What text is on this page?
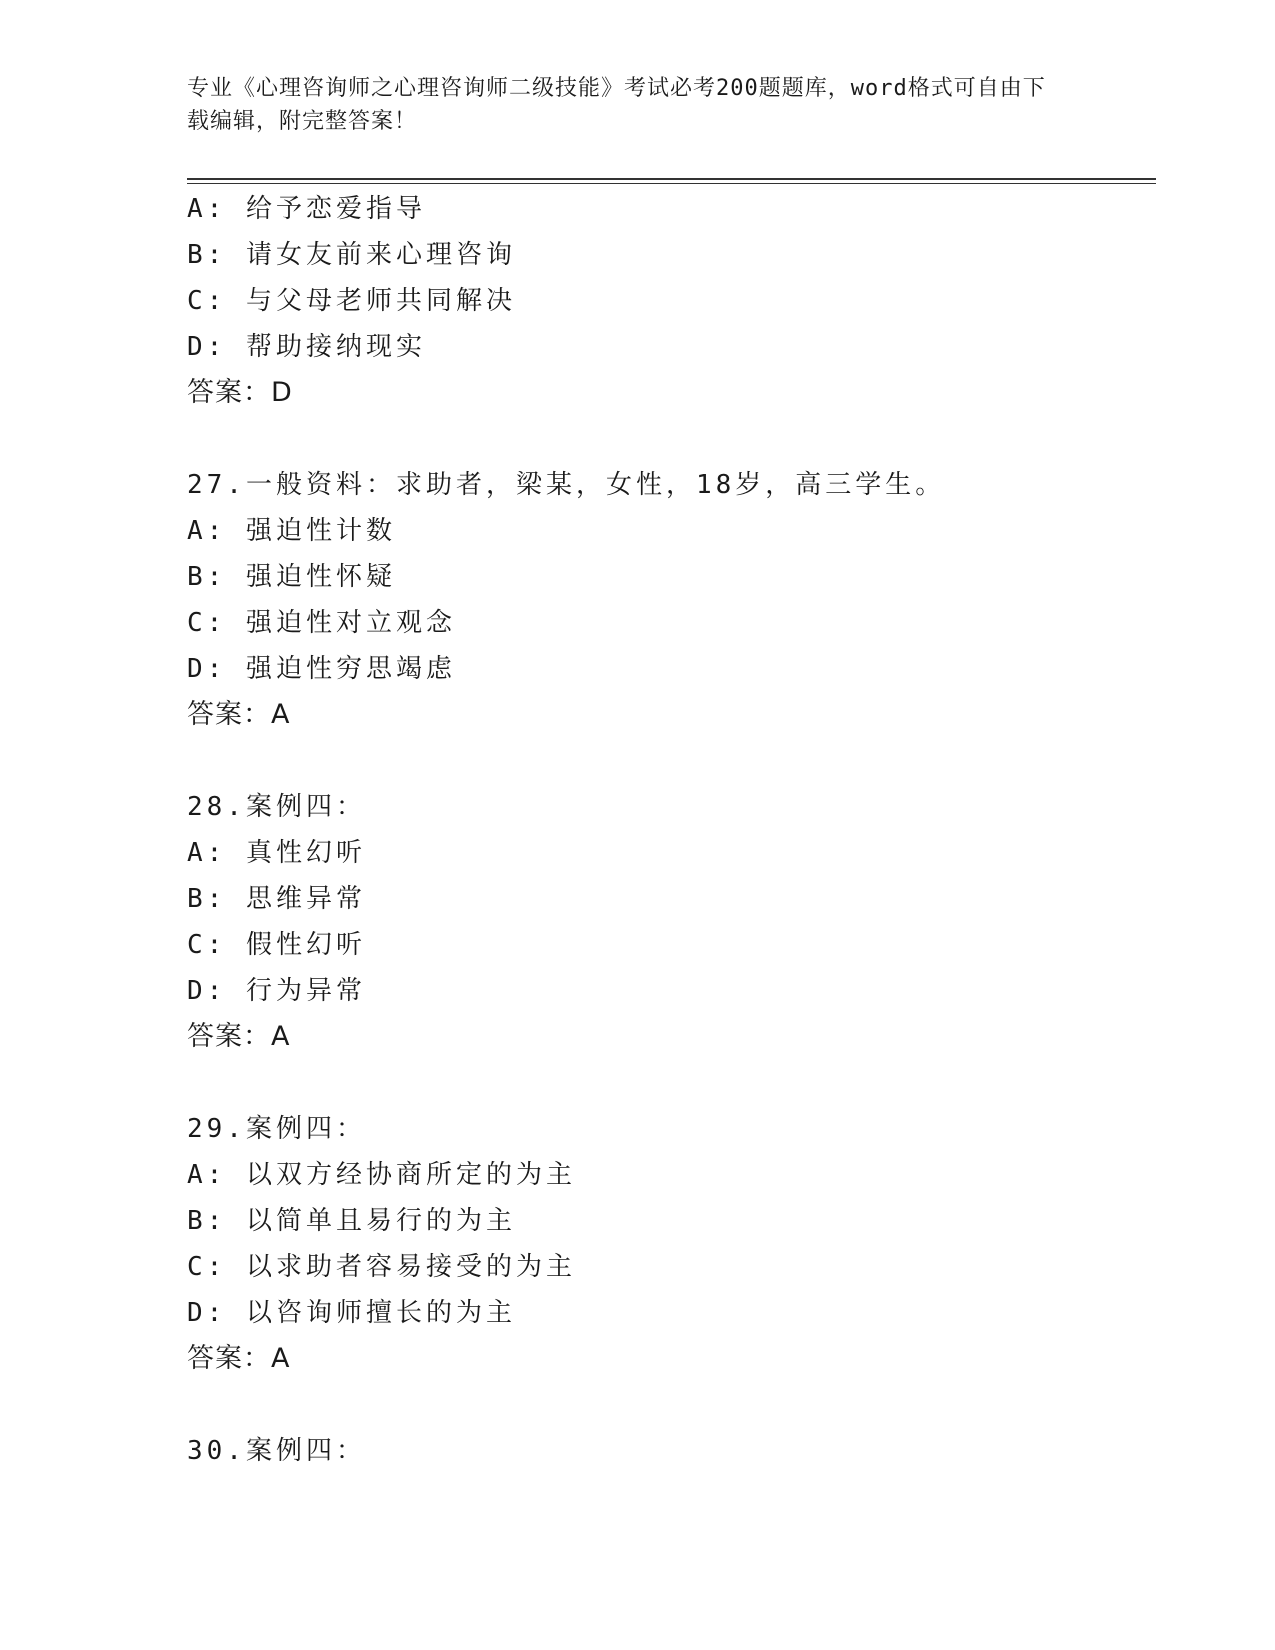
专业《心理咨询师之心理咨询师二级技能》考试必考200题题库，word格式可自由下载编辑，附完整答案！
A: 给予恋爱指导
B: 请女友前来心理咨询
C: 与父母老师共同解决
D: 帮助接纳现实
答案：D
27.一般资料：求助者，梁某，女性，18岁，高三学生。
A: 强迫性计数
B: 强迫性怀疑
C: 强迫性对立观念
D: 强迫性穷思竭虑
答案：A
28.案例四：
A: 真性幻听
B: 思维异常
C: 假性幻听
D: 行为异常
答案：A
29.案例四：
A: 以双方经协商所定的为主
B: 以简单且易行的为主
C: 以求助者容易接受的为主
D: 以咨询师擅长的为主
答案：A
30.案例四：
